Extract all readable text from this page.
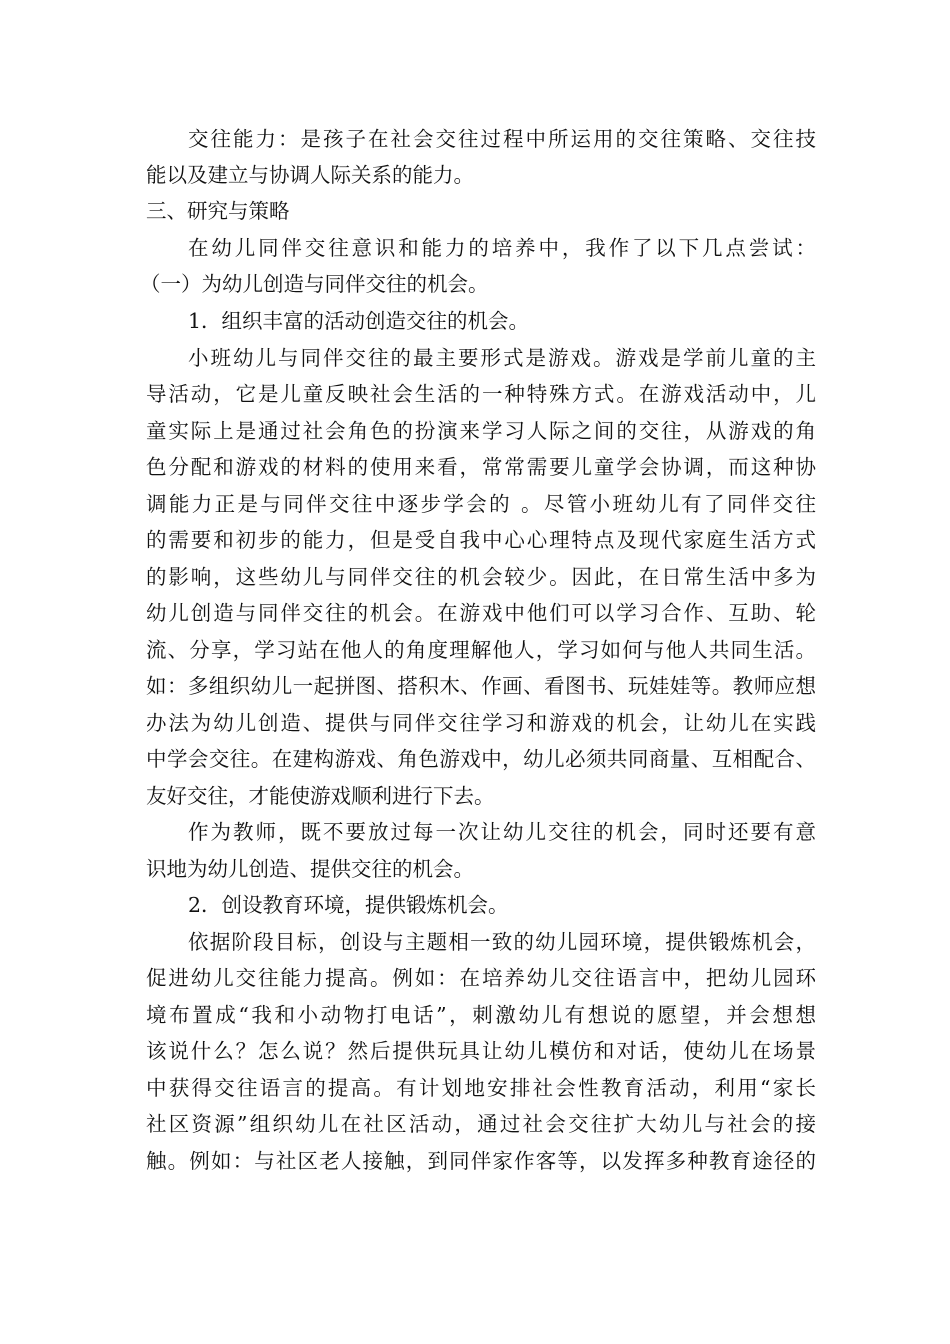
交往能力：是孩子在社会交往过程中所运用的交往策略、交往技
能以及建立与协调人际关系的能力。
三、研究与策略
在幼儿同伴交往意识和能力的培养中，我作了以下几点尝试：
（一）为幼儿创造与同伴交往的机会。
1．组织丰富的活动创造交往的机会。
小班幼儿与同伴交往的最主要形式是游戏。游戏是学前儿童的主
导活动，它是儿童反映社会生活的一种特殊方式。在游戏活动中，儿
童实际上是通过社会角色的扮演来学习人际之间的交往，从游戏的角
色分配和游戏的材料的使用来看，常常需要儿童学会协调，而这种协
调能力正是与同伴交往中逐步学会的 。尽管小班幼儿有了同伴交往
的需要和初步的能力，但是受自我中心心理特点及现代家庭生活方式
的影响，这些幼儿与同伴交往的机会较少。因此，在日常生活中多为
幼儿创造与同伴交往的机会。在游戏中他们可以学习合作、互助、轮
流、分享，学习站在他人的角度理解他人，学习如何与他人共同生活。
如：多组织幼儿一起拼图、搭积木、作画、看图书、玩娃娃等。教师应想
办法为幼儿创造、提供与同伴交往学习和游戏的机会，让幼儿在实践
中学会交往。在建构游戏、角色游戏中，幼儿必须共同商量、互相配合、
友好交往，才能使游戏顺利进行下去。
作为教师，既不要放过每一次让幼儿交往的机会，同时还要有意
识地为幼儿创造、提供交往的机会。
2．创设教育环境，提供锻炼机会。
依据阶段目标，创设与主题相一致的幼儿园环境，提供锻炼机会，
促进幼儿交往能力提高。例如：在培养幼儿交往语言中，把幼儿园环
境布置成“我和小动物打电话”，刺激幼儿有想说的愿望，并会想想
该说什么？怎么说？然后提供玩具让幼儿模仿和对话，使幼儿在场景
中获得交往语言的提高。有计划地安排社会性教育活动，利用“家长
社区资源”组织幼儿在社区活动，通过社会交往扩大幼儿与社会的接
触。例如：与社区老人接触，到同伴家作客等，以发挥多种教育途径的
